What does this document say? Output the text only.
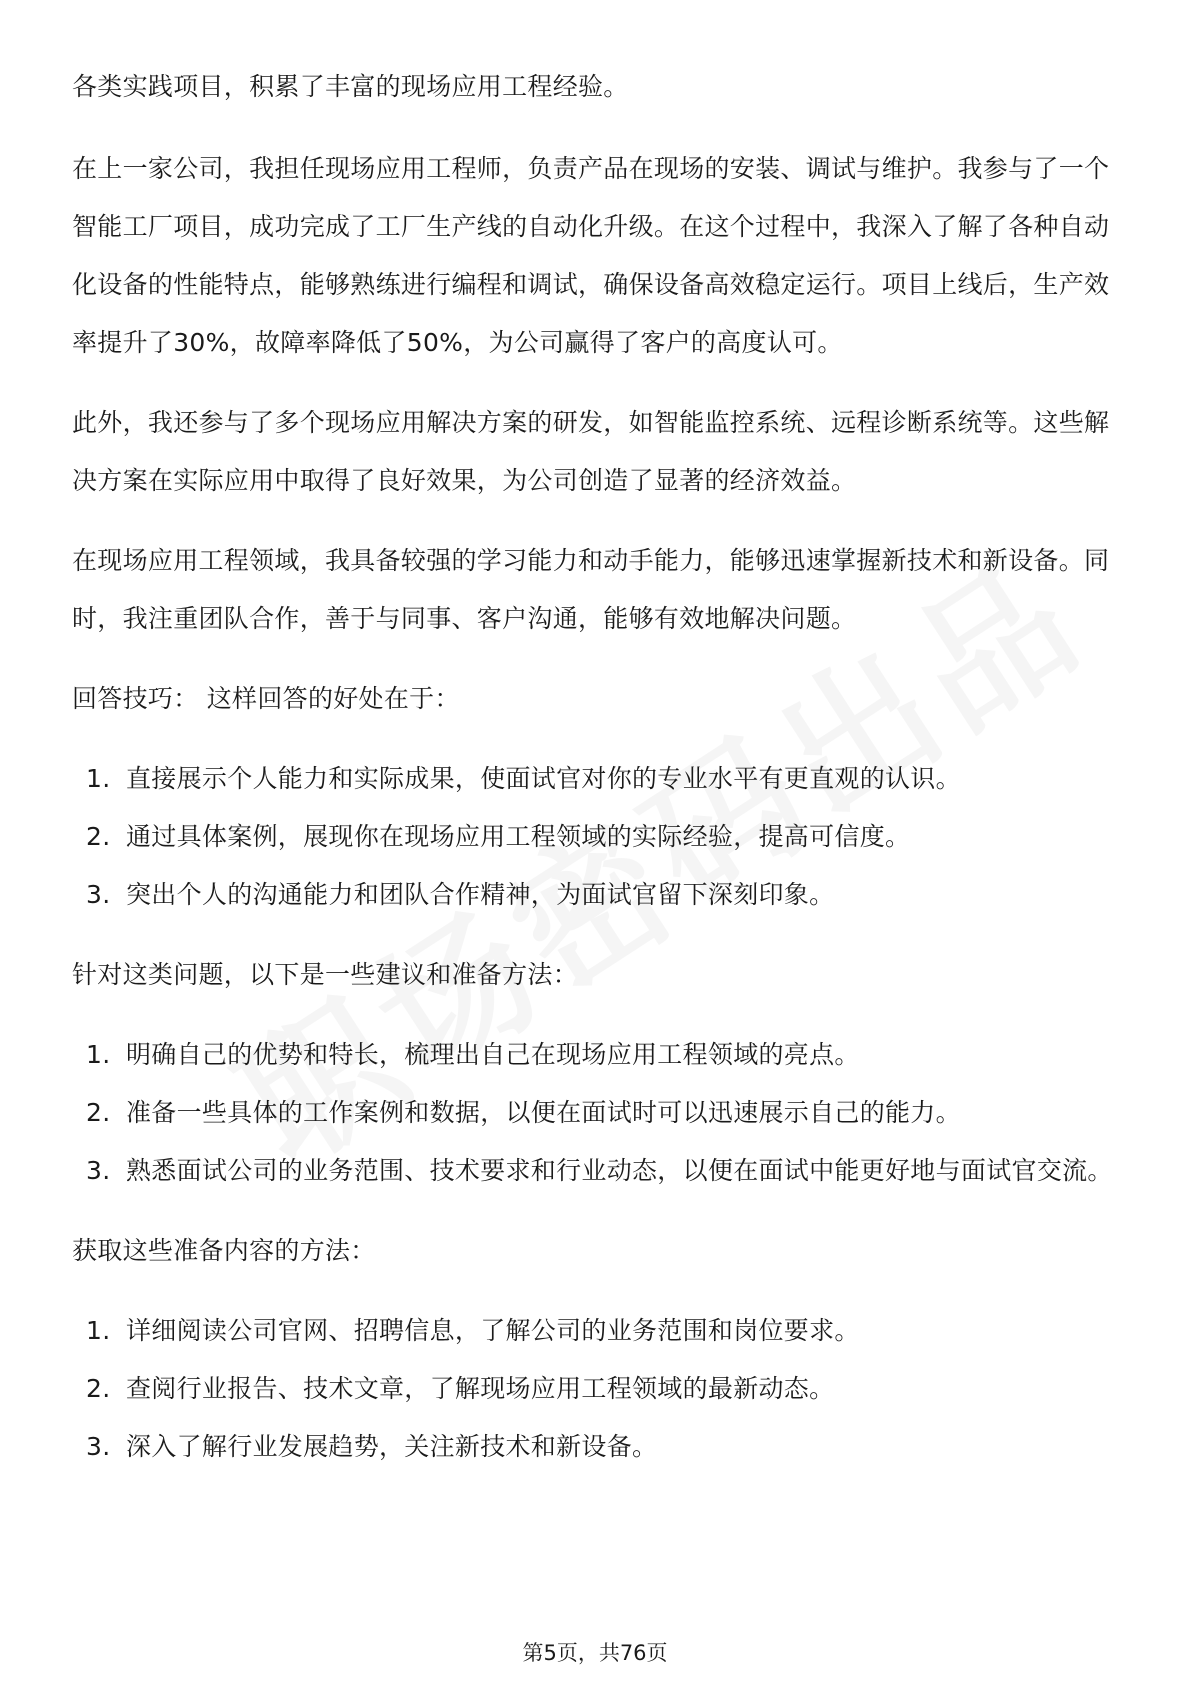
各类实践项目，积累了丰富的现场应用工程经验。

在上一家公司，我担任现场应用工程师，负责产品在现场的安装、调试与维护。我参与了一个智能工厂项目，成功完成了工厂生产线的自动化升级。在这个过程中，我深入了解了各种自动化设备的性能特点，能够熟练进行编程和调试，确保设备高效稳定运行。项目上线后，生产效率提升了30%，故障率降低了50%，为公司赢得了客户的高度认可。

此外，我还参与了多个现场应用解决方案的研发，如智能监控系统、远程诊断系统等。这些解决方案在实际应用中取得了良好效果，为公司创造了显著的经济效益。

在现场应用工程领域，我具备较强的学习能力和动手能力，能够迅速掌握新技术和新设备。同时，我注重团队合作，善于与同事、客户沟通，能够有效地解决问题。

回答技巧： 这样回答的好处在于：

1. 直接展示个人能力和实际成果，使面试官对你的专业水平有更直观的认识。
2. 通过具体案例，展现你在现场应用工程领域的实际经验，提高可信度。
3. 突出个人的沟通能力和团队合作精神，为面试官留下深刻印象。

针对这类问题，以下是一些建议和准备方法：

1. 明确自己的优势和特长，梳理出自己在现场应用工程领域的亮点。
2. 准备一些具体的工作案例和数据，以便在面试时可以迅速展示自己的能力。
3. 熟悉面试公司的业务范围、技术要求和行业动态，以便在面试中能更好地与面试官交流。

获取这些准备内容的方法：

1. 详细阅读公司官网、招聘信息，了解公司的业务范围和岗位要求。
2. 查阅行业报告、技术文章，了解现场应用工程领域的最新动态。
3. 深入了解行业发展趋势，关注新技术和新设备。
第5页，共76页
